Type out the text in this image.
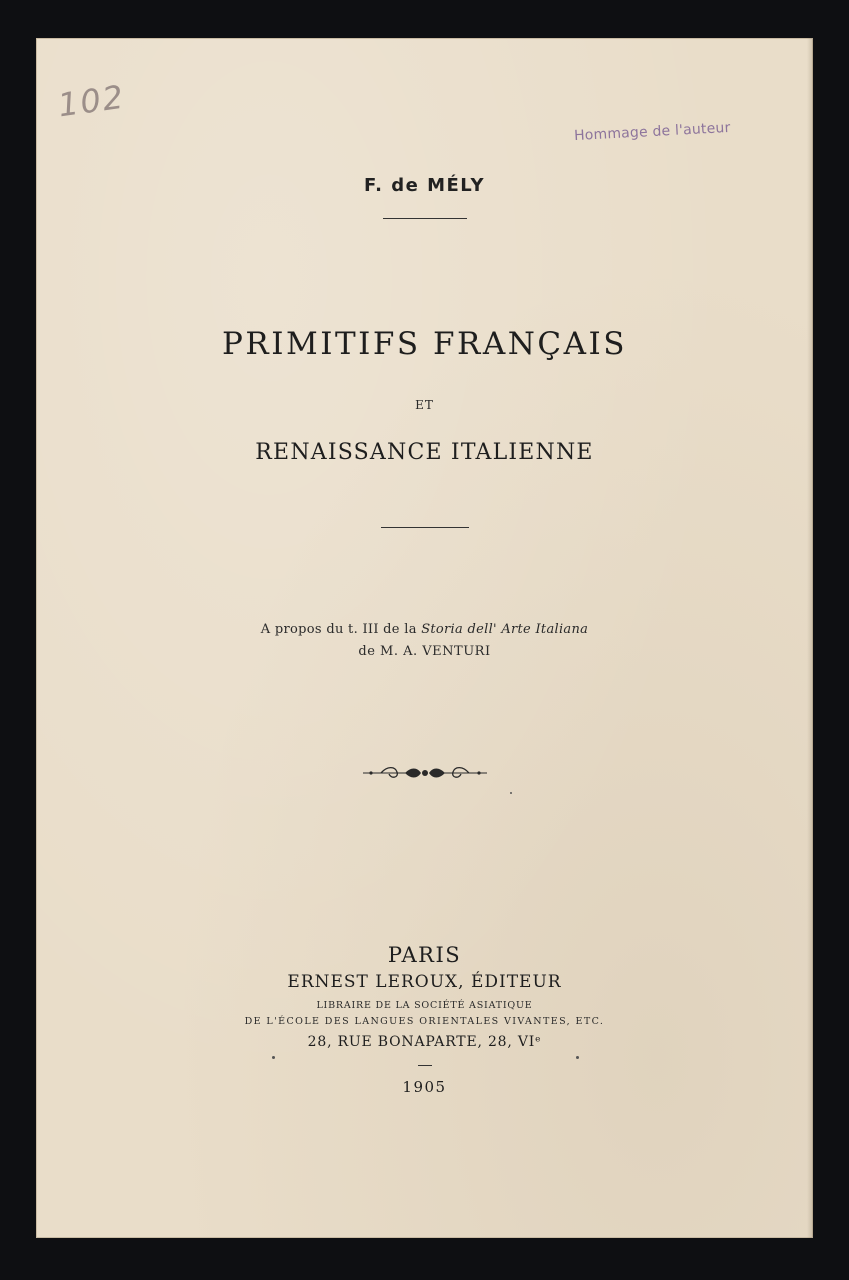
102
Hommage de l'auteur
F. de MÉLY
PRIMITIFS FRANÇAIS
ET
RENAISSANCE ITALIENNE
A propos du t. III de la Storia dell' Arte Italiana
de M. A. VENTURI
PARIS
ERNEST LEROUX, ÉDITEUR
LIBRAIRE DE LA SOCIÉTÉ ASIATIQUE
DE L'ÉCOLE DES LANGUES ORIENTALES VIVANTES, ETC.
28, RUE BONAPARTE, 28, VIᵉ
1905
